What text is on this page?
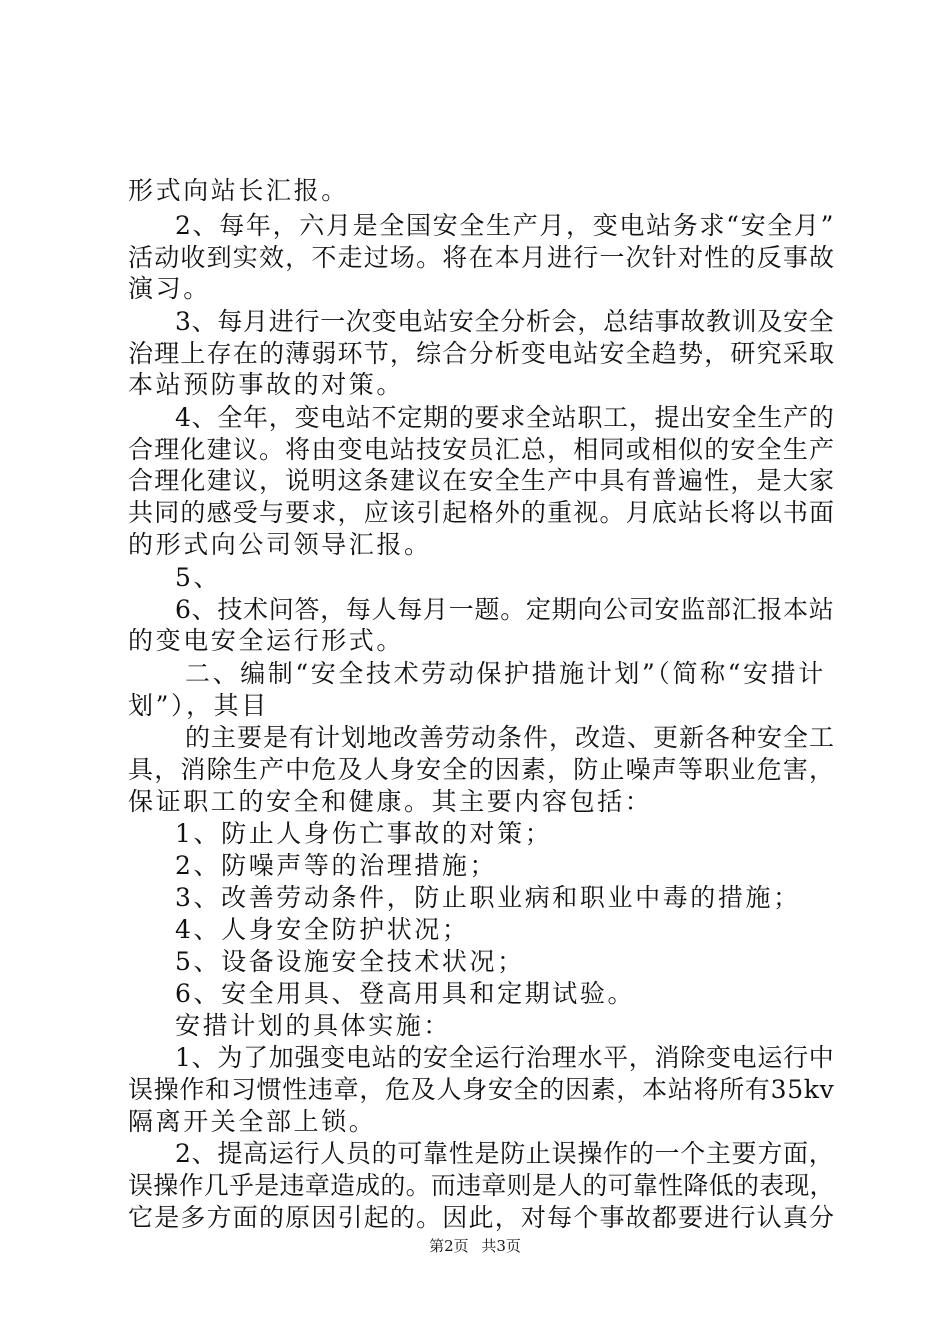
形式向站长汇报。
2、每年，六月是全国安全生产月，变电站务求“安全月”
活动收到实效，不走过场。将在本月进行一次针对性的反事故
演习。
3、每月进行一次变电站安全分析会，总结事故教训及安全
治理上存在的薄弱环节，综合分析变电站安全趋势，研究采取
本站预防事故的对策。
4、全年，变电站不定期的要求全站职工，提出安全生产的
合理化建议。将由变电站技安员汇总，相同或相似的安全生产
合理化建议，说明这条建议在安全生产中具有普遍性，是大家
共同的感受与要求，应该引起格外的重视。月底站长将以书面
的形式向公司领导汇报。
5、
6、技术问答，每人每月一题。定期向公司安监部汇报本站
的变电安全运行形式。
二、编制“安全技术劳动保护措施计划”（简称“安措计
划”），其目
的主要是有计划地改善劳动条件，改造、更新各种安全工
具，消除生产中危及人身安全的因素，防止噪声等职业危害，
保证职工的安全和健康。其主要内容包括：
1、防止人身伤亡事故的对策；
2、防噪声等的治理措施；
3、改善劳动条件，防止职业病和职业中毒的措施；
4、人身安全防护状况；
5、设备设施安全技术状况；
6、安全用具、登高用具和定期试验。
安措计划的具体实施：
1、为了加强变电站的安全运行治理水平，消除变电运行中
误操作和习惯性违章，危及人身安全的因素，本站将所有35kv
隔离开关全部上锁。
2、提高运行人员的可靠性是防止误操作的一个主要方面，
误操作几乎是违章造成的。而违章则是人的可靠性降低的表现，
它是多方面的原因引起的。因此，对每个事故都要进行认真分
第2页 共3页
